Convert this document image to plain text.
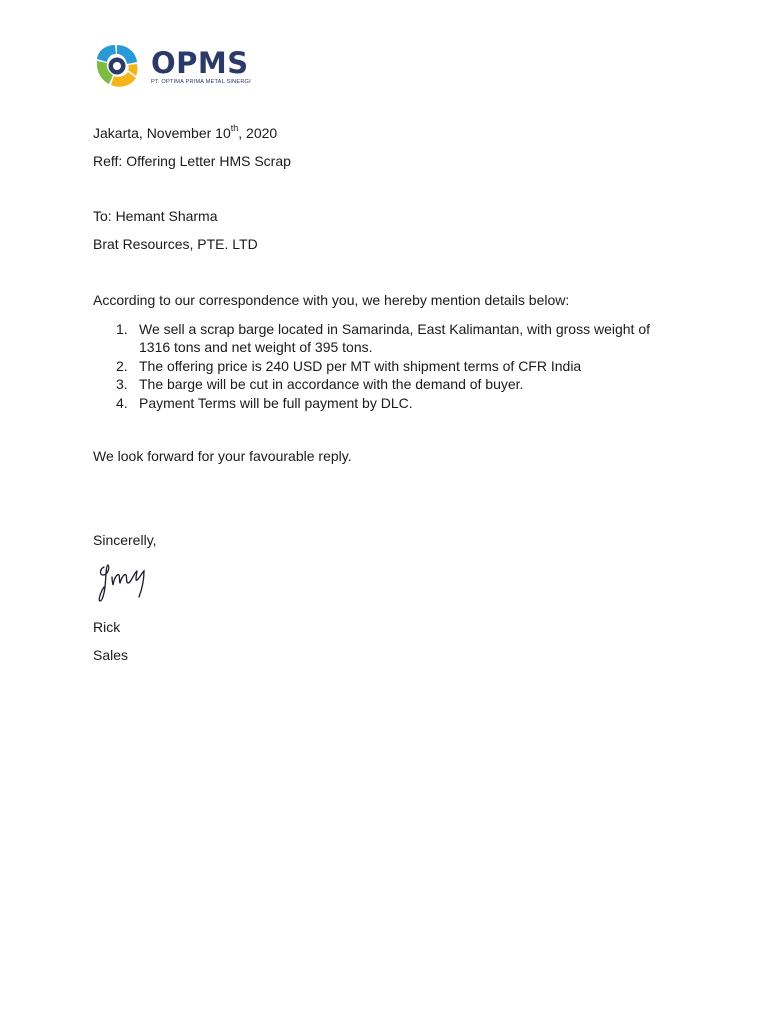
OPMS
PT. OPTIMA PRIMA METAL SINERGI
Jakarta, November 10th, 2020
Reff: Offering Letter HMS Scrap
To: Hemant Sharma
Brat Resources, PTE. LTD
According to our correspondence with you, we hereby mention details below:
1. We sell a scrap barge located in Samarinda, East Kalimantan, with gross weight of 1316 tons and net weight of 395 tons.
2. The offering price is 240 USD per MT with shipment terms of CFR India
3. The barge will be cut in accordance with the demand of buyer.
4. Payment Terms will be full payment by DLC.
We look forward for your favourable reply.
Sincerelly,
Rick
Sales
